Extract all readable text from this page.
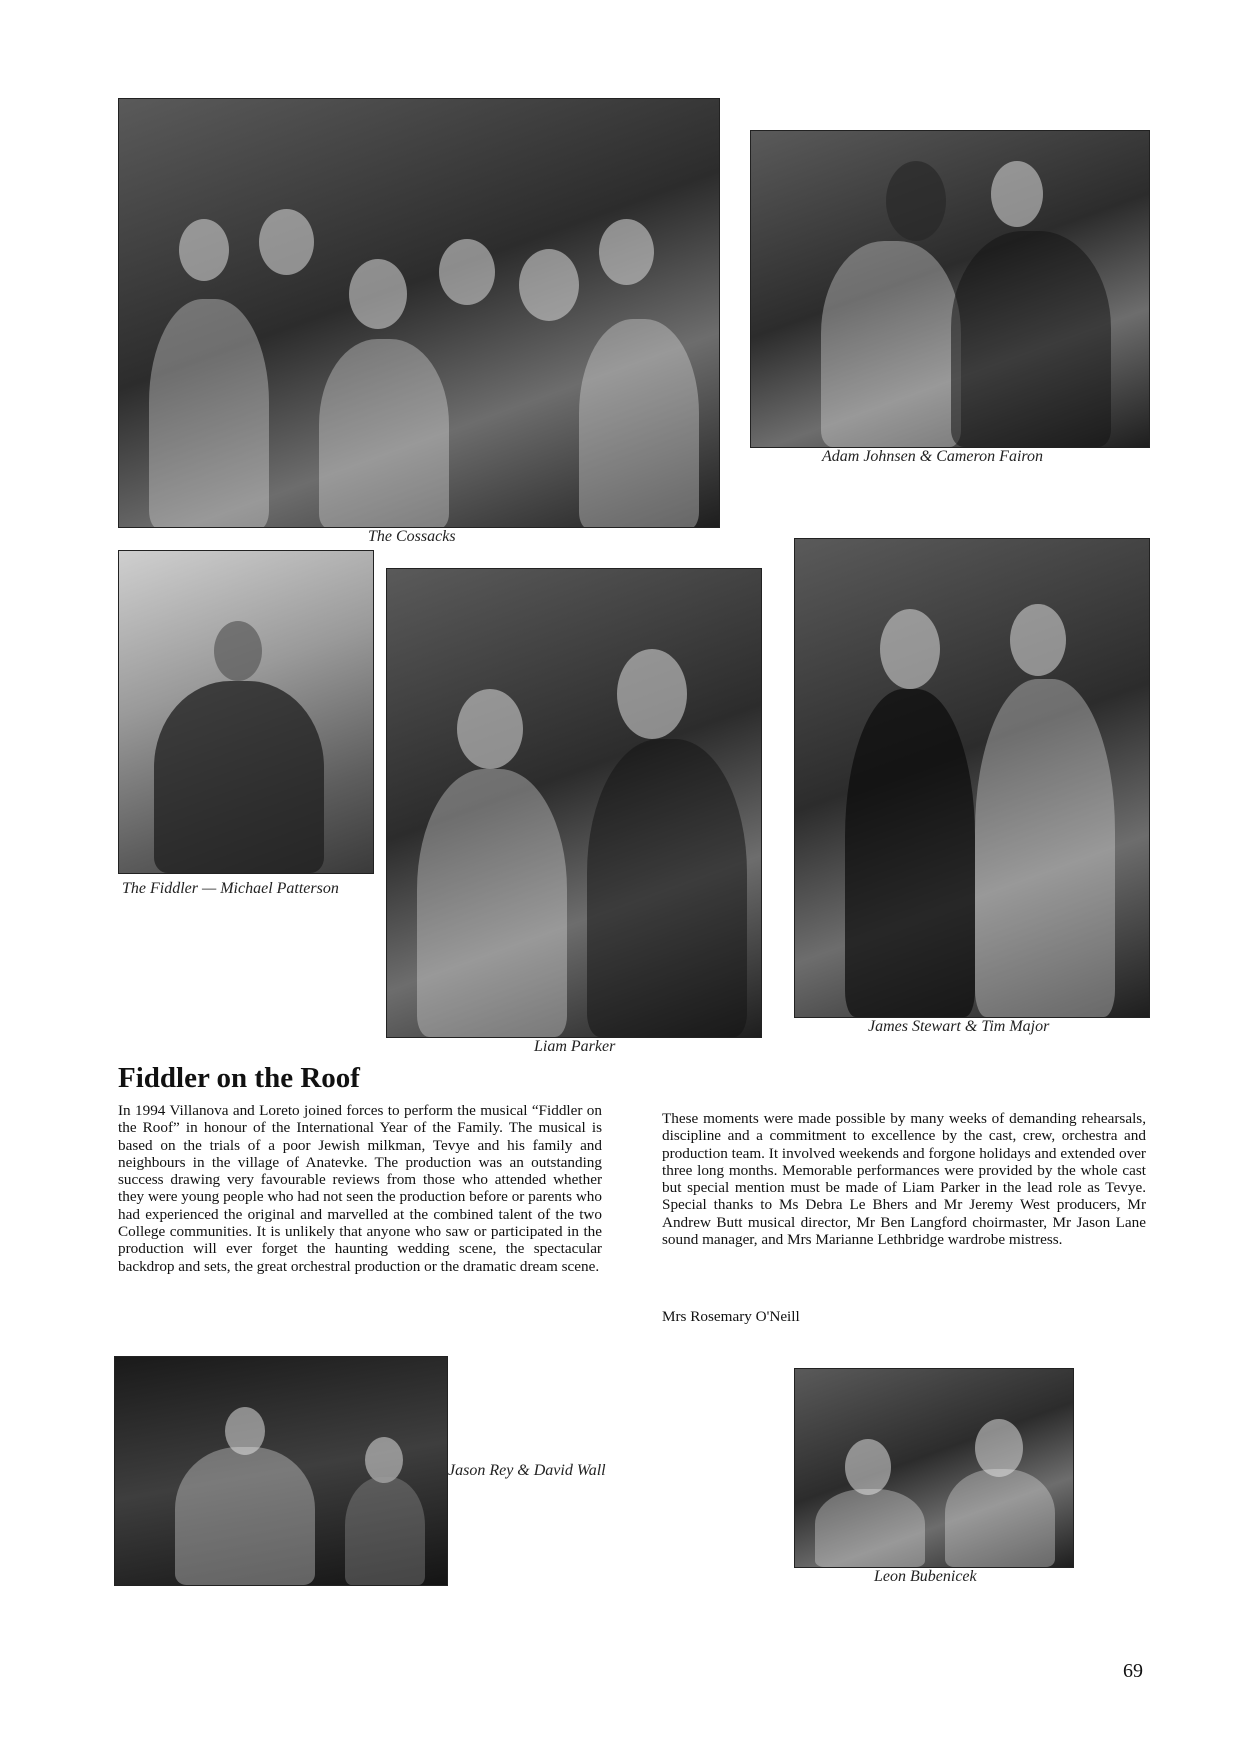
The Cossacks
Adam Johnsen & Cameron Fairon
The Fiddler — Michael Patterson
Liam Parker
James Stewart & Tim Major
Fiddler on the Roof

In 1994 Villanova and Loreto joined forces to perform the musical “Fiddler on the Roof” in honour of the International Year of the Family. The musical is based on the trials of a poor Jewish milkman, Tevye and his family and neighbours in the village of Anatevke. The production was an outstanding success drawing very favourable reviews from those who attended whether they were young people who had not seen the production before or parents who had experienced the original and marvelled at the combined talent of the two College communities. It is unlikely that anyone who saw or participated in the production will ever forget the haunting wedding scene, the spectacular backdrop and sets, the great orchestral production or the dramatic dream scene.

These moments were made possible by many weeks of demanding rehearsals, discipline and a commitment to excellence by the cast, crew, orchestra and production team. It involved weekends and forgone holidays and extended over three long months. Memorable performances were provided by the whole cast but special mention must be made of Liam Parker in the lead role as Tevye. Special thanks to Ms Debra Le Bhers and Mr Jeremy West producers, Mr Andrew Butt musical director, Mr Ben Langford choirmaster, Mr Jason Lane sound manager, and Mrs Marianne Lethbridge wardrobe mistress.

Mrs Rosemary O'Neill
Jason Rey & David Wall
Leon Bubenicek
69
